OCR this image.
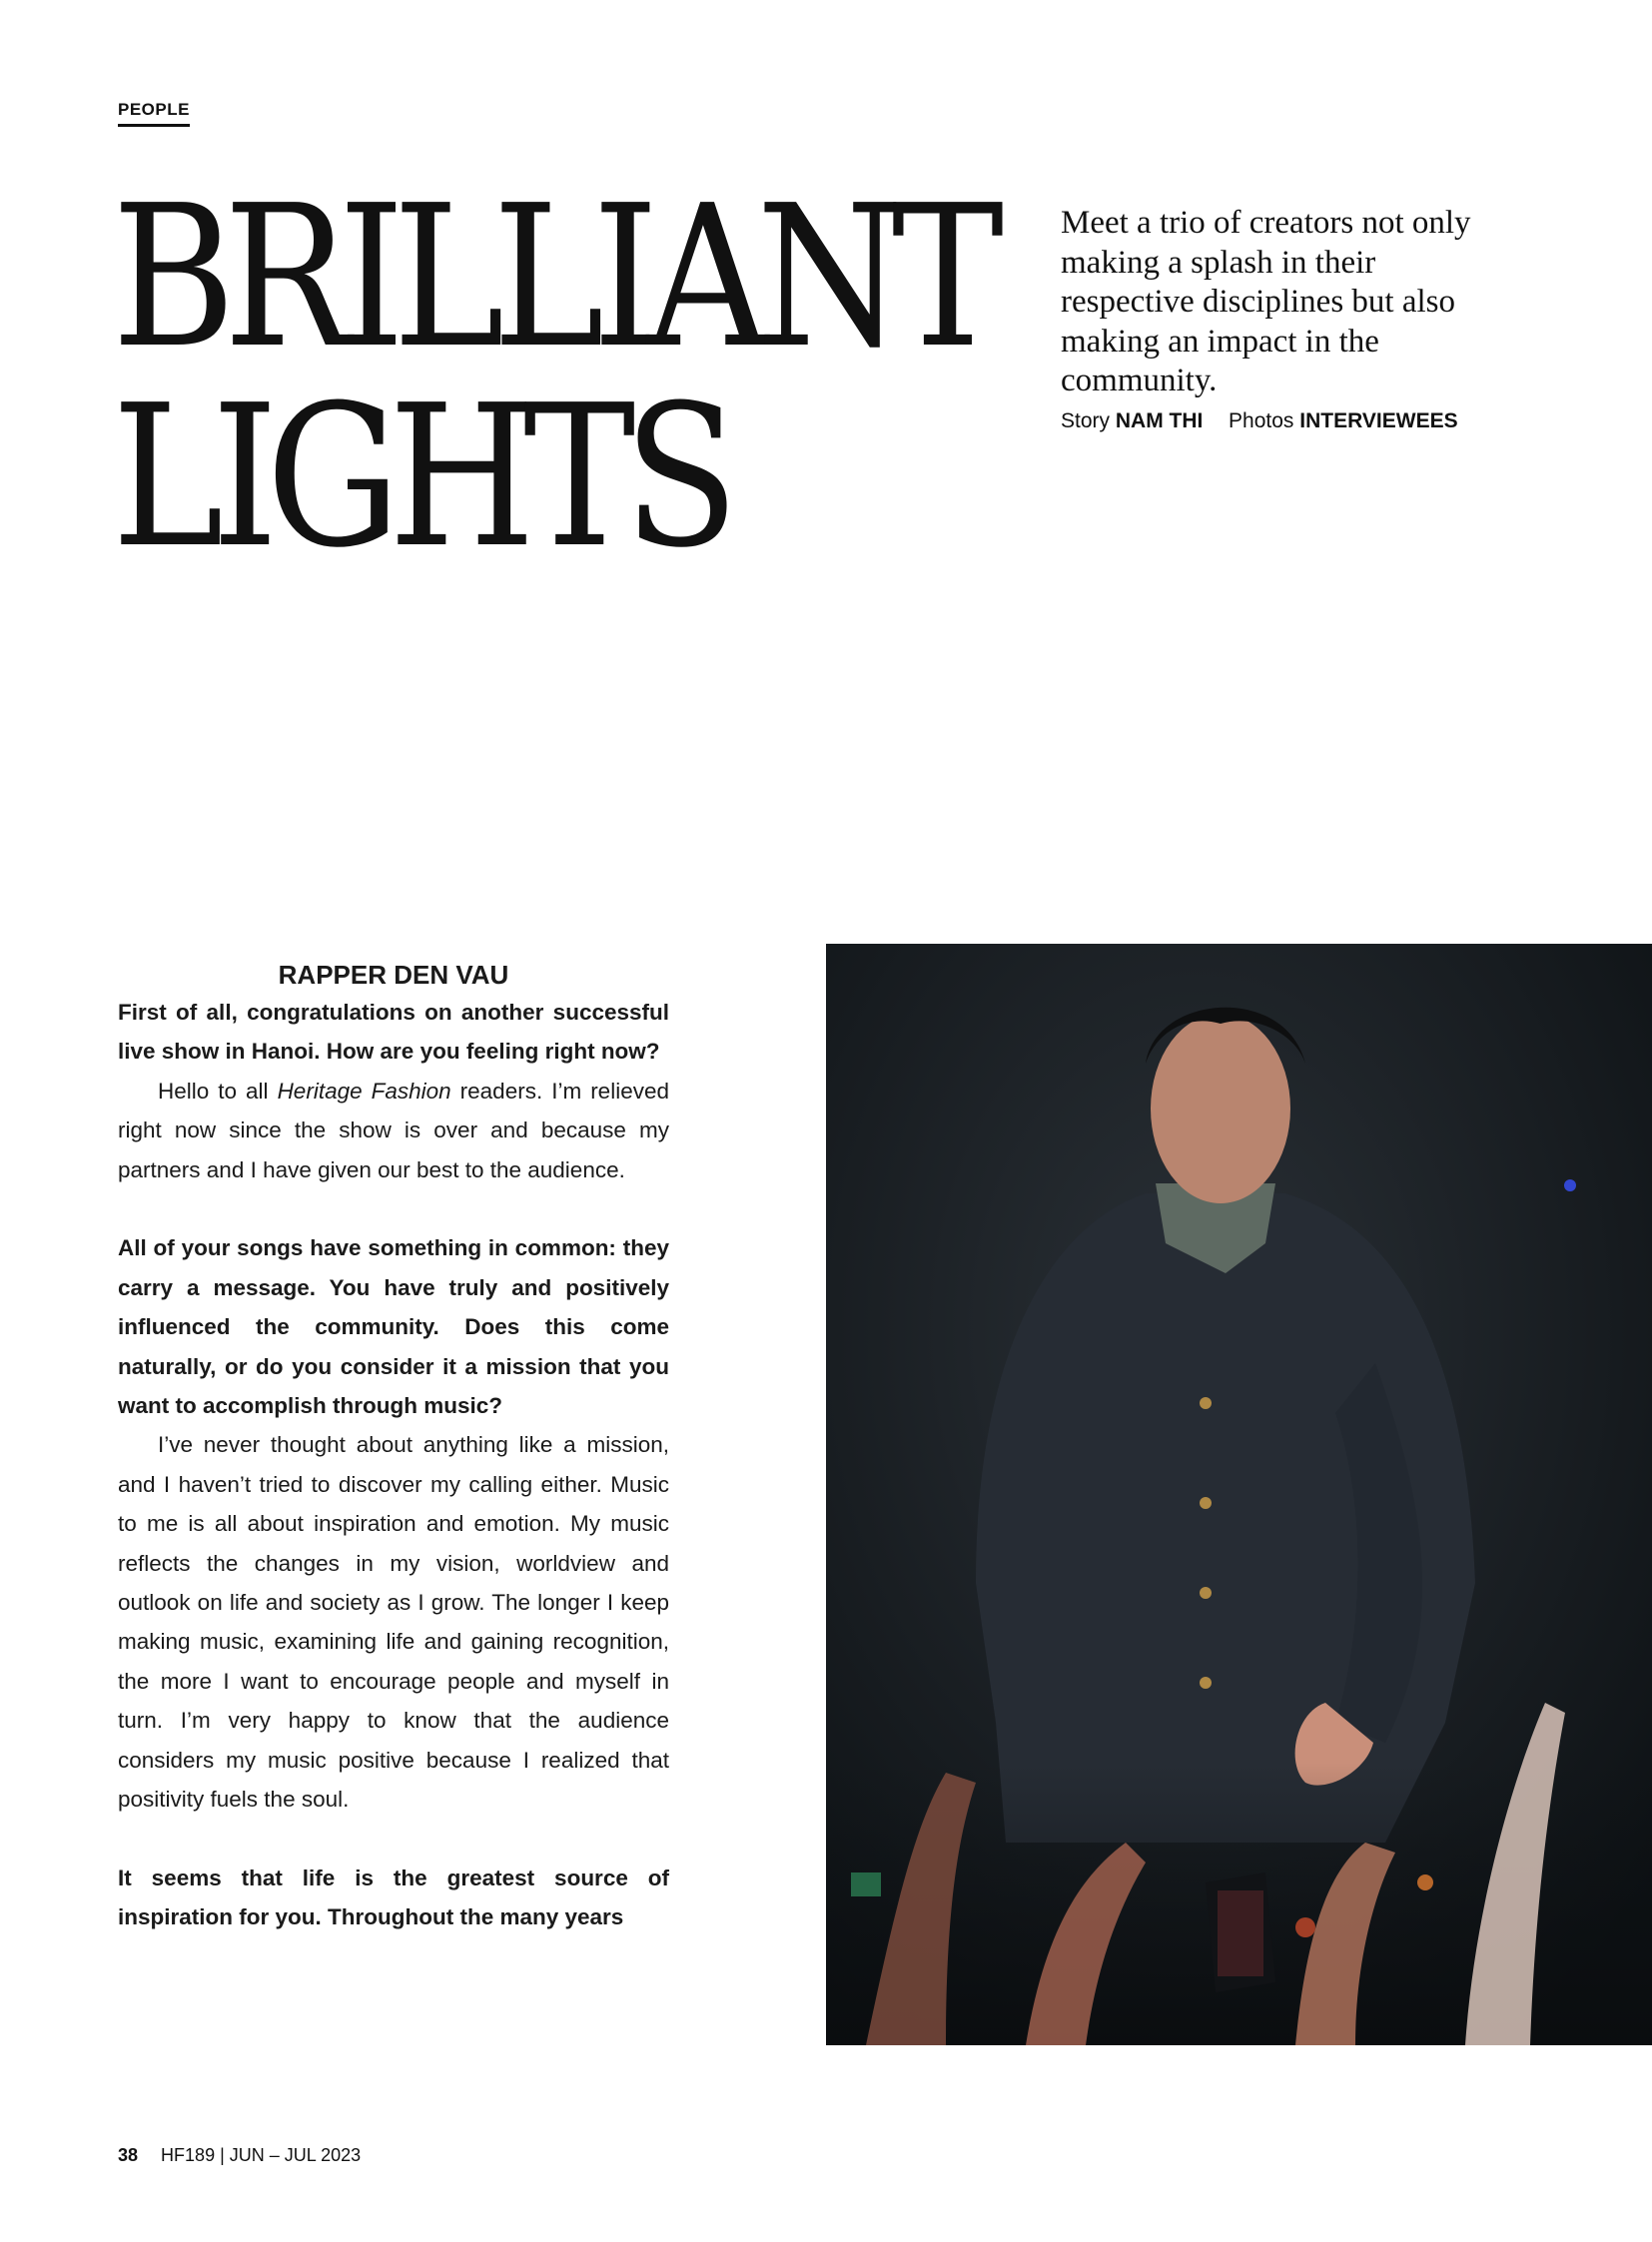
PEOPLE
BRILLIANT
LIGHTS

Meet a trio of creators not only making a splash in their respective disciplines but also making an impact in the community.

Story NAM THI Photos INTERVIEWEES
RAPPER DEN VAU

First of all, congratulations on another successful live show in Hanoi. How are you feeling right now?

Hello to all Heritage Fashion readers. I’m relieved right now since the show is over and because my partners and I have given our best to the audience.

All of your songs have something in common: they carry a message. You have truly and positively influenced the community. Does this come naturally, or do you consider it a mission that you want to accomplish through music?

I’ve never thought about anything like a mission, and I haven’t tried to discover my calling either. Music to me is all about inspiration and emotion. My music reflects the changes in my vision, worldview and outlook on life and society as I grow. The longer I keep making music, examining life and gaining recognition, the more I want to encourage people and myself in turn. I’m very happy to know that the audience considers my music positive because I realized that positivity fuels the soul.

It seems that life is the greatest source of inspiration for you. Throughout the many years

38 HF189 | JUN – JUL 2023
